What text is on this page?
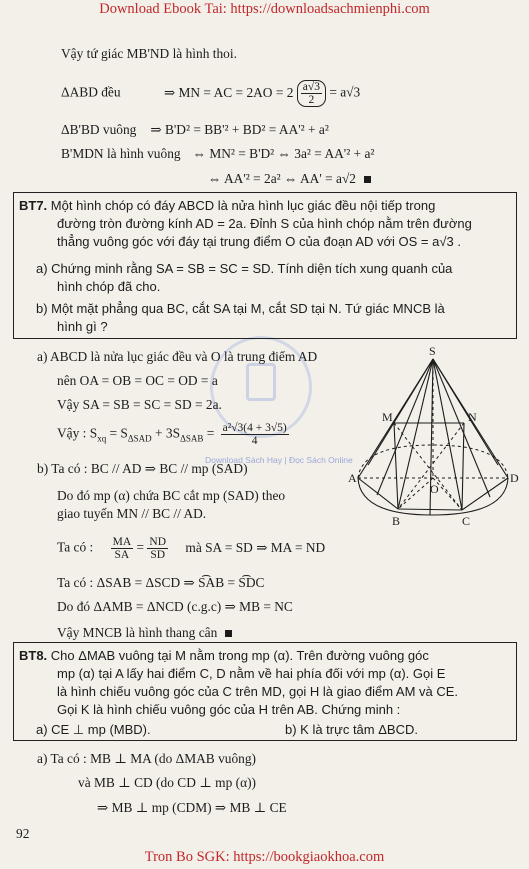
Download Ebook Tai: https://downloadsachmienphi.com
Tron Bo SGK: https://bookgiaokhoa.com
Download Sách Hay | Đọc Sách Online
Vậy tứ giác MB'ND là hình thoi.
ΔABD đều	⇒ MN = AC = $2AO = 2 \frac{a√3}{2} = a√3$
ΔB'BD vuông ⇒ B'D² = BB'² + BD² = AA'² + a²
B'MDN là hình vuông ⇔ MN² = B'D² ⇔ 3a² = AA'² + a²
⇔ AA'² = 2a² ⇔ AA' = a√2
BT7. Một hình chóp có đáy ABCD là nửa hình lục giác đều nội tiếp trong
đường tròn đường kính AD = 2a. Đỉnh S của hình chóp nằm trên đường
thẳng vuông góc với đáy tại trung điểm O của đoạn AD với OS = a√3 .
a) Chứng minh rằng SA = SB = SC = SD. Tính diện tích xung quanh của
hình chóp đã cho.
b) Một mặt phẳng qua BC, cắt SA tại M, cắt SD tại N. Tứ giác MNCB là
hình gì ?
a) ABCD là nửa lục giác đều và O là trung điểm AD
nên OA = OB = OC = OD = a
Vậy SA = SB = SC = SD = 2a.
Vậy : $S_{xq} = S_{\Delta SAD} + 3S_{\Delta SAB} = \frac{\text{a²√3(4 + 3√5)}}{4}$
b) Ta có : BC // AD ⇒ BC // mp (SAD)
Do đó mp (α) chứa BC cắt mp (SAD) theo
giao tuyến MN // BC // AD.
Ta có : $\frac{MA}{SA} = \frac{ND}{SD}$ mà SA = SD ⇒ MA = ND
Ta có : ΔSAB = ΔSCD ⇒ S͡AB = S͡DC
Do đó ΔAMB = ΔNCD (c.g.c) ⇒ MB = NC
Vậy MNCB là hình thang cân
S
M	N
A	D
O
B	C
BT8. Cho ΔMAB vuông tại M nằm trong mp (α). Trên đường vuông góc
mp (α) tại A lấy hai điểm C, D nằm về hai phía đối với mp (α). Gọi E
là hình chiếu vuông góc của C trên MD, gọi H là giao điểm AM và CE.
Gọi K là hình chiếu vuông góc của H trên AB. Chứng minh :
a) CE ⊥ mp (MBD).	b) K là trực tâm ΔBCD.
a) Ta có : MB ⊥ MA (do ΔMAB vuông)
và MB ⊥ CD (do CD ⊥ mp (α))
⇒ MB ⊥ mp (CDM) ⇒ MB ⊥ CE
92
